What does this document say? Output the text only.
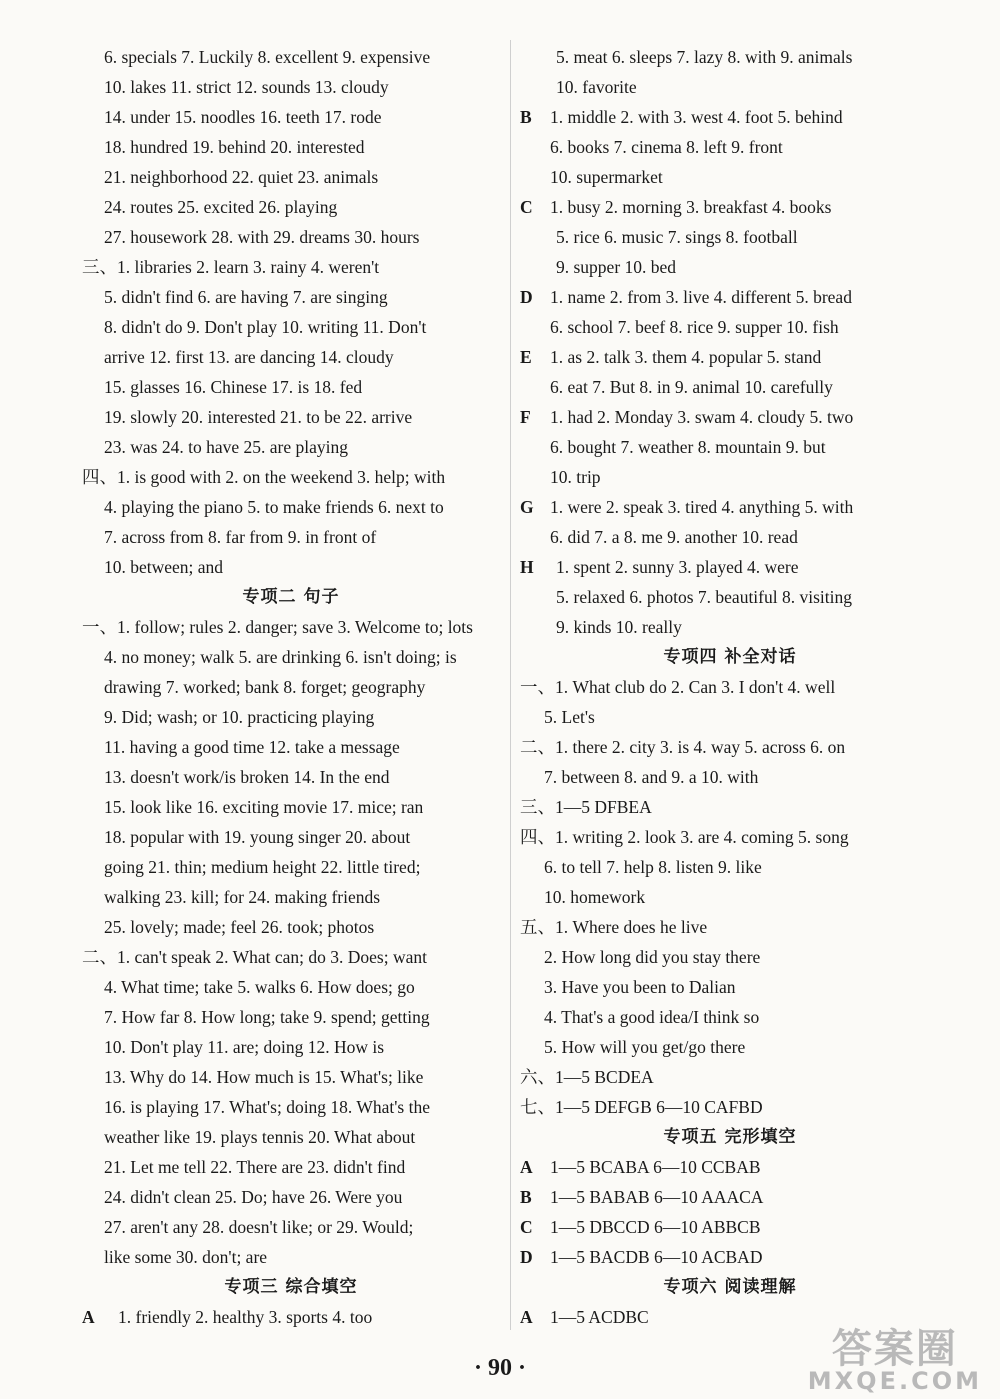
6. specials 7. Luckily 8. excellent 9. expensive
10. lakes 11. strict 12. sounds 13. cloudy
14. under 15. noodles 16. teeth 17. rode
18. hundred 19. behind 20. interested
21. neighborhood 22. quiet 23. animals
24. routes 25. excited 26. playing
27. housework 28. with 29. dreams 30. hours
三、1. libraries 2. learn 3. rainy 4. weren't
5. didn't find 6. are having 7. are singing
8. didn't do 9. Don't play 10. writing 11. Don't
arrive 12. first 13. are dancing 14. cloudy
15. glasses 16. Chinese 17. is 18. fed
19. slowly 20. interested 21. to be 22. arrive
23. was 24. to have 25. are playing
四、1. is good with 2. on the weekend 3. help; with
4. playing the piano 5. to make friends 6. next to
7. across from 8. far from 9. in front of
10. between; and
专项二 句子
一、1. follow; rules 2. danger; save 3. Welcome to; lots
4. no money; walk 5. are drinking 6. isn't doing; is
drawing 7. worked; bank 8. forget; geography
9. Did; wash; or 10. practicing playing
11. having a good time 12. take a message
13. doesn't work/is broken 14. In the end
15. look like 16. exciting movie 17. mice; ran
18. popular with 19. young singer 20. about
going 21. thin; medium height 22. little tired;
walking 23. kill; for 24. making friends
25. lovely; made; feel 26. took; photos
二、1. can't speak 2. What can; do 3. Does; want
4. What time; take 5. walks 6. How does; go
7. How far 8. How long; take 9. spend; getting
10. Don't play 11. are; doing 12. How is
13. Why do 14. How much is 15. What's; like
16. is playing 17. What's; doing 18. What's the
weather like 19. plays tennis 20. What about
21. Let me tell 22. There are 23. didn't find
24. didn't clean 25. Do; have 26. Were you
27. aren't any 28. doesn't like; or 29. Would;
like some 30. don't; are
专项三 综合填空
A 1. friendly 2. healthy 3. sports 4. too
5. meat 6. sleeps 7. lazy 8. with 9. animals
10. favorite
B 1. middle 2. with 3. west 4. foot 5. behind
6. books 7. cinema 8. left 9. front
10. supermarket
C 1. busy 2. morning 3. breakfast 4. books
5. rice 6. music 7. sings 8. football
9. supper 10. bed
D 1. name 2. from 3. live 4. different 5. bread
6. school 7. beef 8. rice 9. supper 10. fish
E 1. as 2. talk 3. them 4. popular 5. stand
6. eat 7. But 8. in 9. animal 10. carefully
F 1. had 2. Monday 3. swam 4. cloudy 5. two
6. bought 7. weather 8. mountain 9. but
10. trip
G 1. were 2. speak 3. tired 4. anything 5. with
6. did 7. a 8. me 9. another 10. read
H 1. spent 2. sunny 3. played 4. were
5. relaxed 6. photos 7. beautiful 8. visiting
9. kinds 10. really
专项四 补全对话
一、1. What club do 2. Can 3. I don't 4. well
5. Let's
二、1. there 2. city 3. is 4. way 5. across 6. on
7. between 8. and 9. a 10. with
三、1—5 DFBEA
四、1. writing 2. look 3. are 4. coming 5. song
6. to tell 7. help 8. listen 9. like
10. homework
五、1. Where does he live
2. How long did you stay there
3. Have you been to Dalian
4. That's a good idea/I think so
5. How will you get/go there
六、1—5 BCDEA
七、1—5 DEFGB 6—10 CAFBD
专项五 完形填空
A 1—5 BCABA 6—10 CCBAB
B 1—5 BABAB 6—10 AAACA
C 1—5 DBCCD 6—10 ABBCB
D 1—5 BACDB 6—10 ACBAD
专项六 阅读理解
A 1—5 ACDBC
· 90 ·	答案圈
MXQE.COM
